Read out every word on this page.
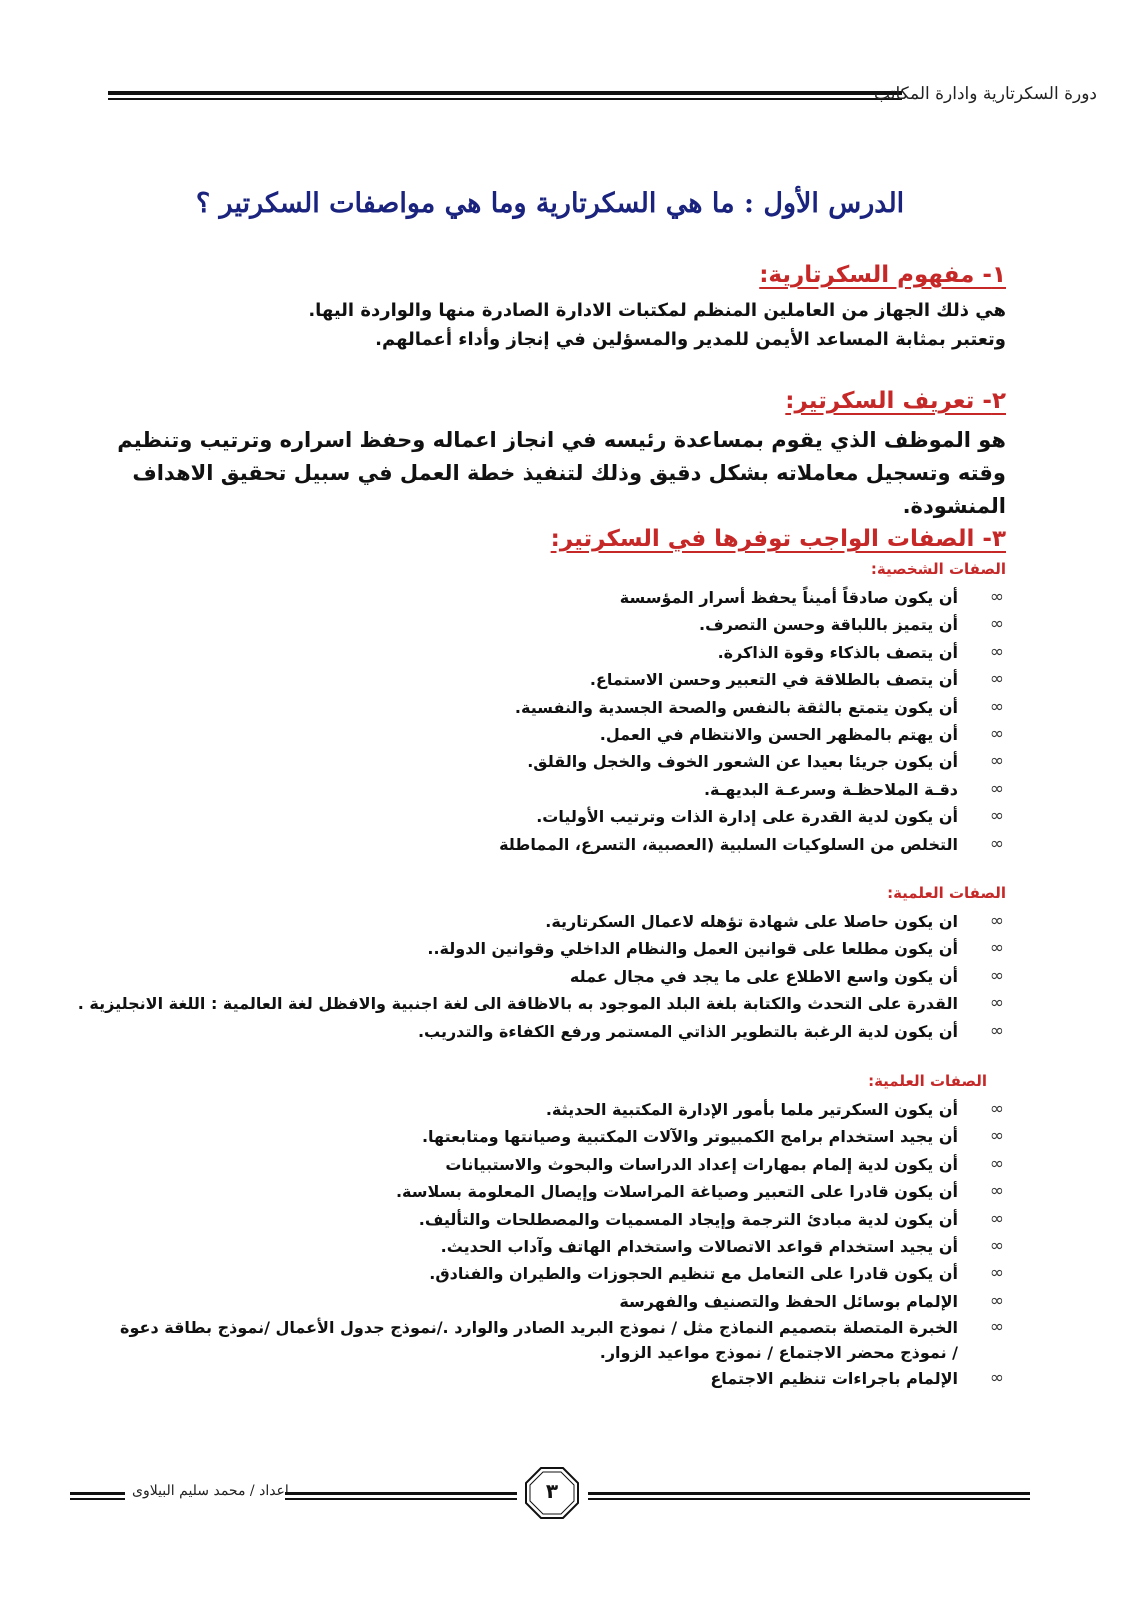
دورة السكرتارية وادارة المكاتب
الدرس الأول : ما هي السكرتارية وما هي مواصفات السكرتير ؟
١- مفهوم السكرتارية:
هي ذلك الجهاز من العاملين المنظم لمكتبات الادارة الصادرة منها والواردة اليها.
وتعتبر بمثابة المساعد الأيمن للمدير والمسؤلين في إنجاز وأداء أعمالهم.
٢- تعريف السكرتير:
هو الموظف الذي يقوم بمساعدة رئيسه في انجاز اعماله وحفظ اسراره وترتيب وتنظيم وقته وتسجيل معاملاته بشكل دقيق وذلك لتنفيذ خطة العمل في سبيل تحقيق الاهداف المنشودة.
٣- الصفات الواجب توفرها في السكرتير:
الصفات الشخصية:
∞
أن يكون صادقاً أميناً يحفظ أسرار المؤسسة
∞
أن يتميز باللباقة وحسن التصرف.
∞
أن يتصف بالذكاء وقوة الذاكرة.
∞
أن يتصف بالطلاقة في التعبير وحسن الاستماع.
∞
أن يكون يتمتع بالثقة بالنفس والصحة الجسدية والنفسية.
∞
أن يهتم بالمظهر الحسن والانتظام في العمل.
∞
أن يكون جريئا بعيدا عن الشعور الخوف والخجل والقلق.
∞
دقـة الملاحظـة وسرعـة البديهـة.
∞
أن يكون لدية القدرة على إدارة الذات وترتيب الأوليات.
∞
التخلص من السلوكيات السلبية (العصبية، التسرع، المماطلة
الصفات العلمية:
∞
ان يكون حاصلا على شهادة تؤهله لاعمال السكرتارية.
∞
أن يكون مطلعا على قوانين العمل والنظام الداخلي وقوانين الدولة..
∞
أن يكون واسع الاطلاع على ما يجد في مجال عمله
∞
القدرة على التحدث والكتابة بلغة البلد الموجود به بالاظافة الى لغة اجنبية والافظل لغة العالمية : اللغة الانجليزية .
∞
أن يكون لدية الرغبة بالتطوير الذاتي المستمر ورفع الكفاءة والتدريب.
الصفات العلمية:
∞
أن يكون السكرتير ملما بأمور الإدارة المكتبية الحديثة.
∞
أن يجيد استخدام برامج الكمبيوتر والآلات المكتبية وصيانتها ومتابعتها.
∞
أن يكون لدية إلمام بمهارات إعداد الدراسات والبحوث والاستبيانات
∞
أن يكون قادرا على التعبير وصياغة المراسلات وإيصال المعلومة بسلاسة.
∞
أن يكون لدية مبادئ الترجمة وإيجاد المسميات والمصطلحات والتأليف.
∞
أن يجيد استخدام قواعد الاتصالات واستخدام الهاتف وآداب الحديث.
∞
أن يكون قادرا على التعامل مع تنظيم الحجوزات والطيران والفنادق.
∞
الإلمام بوسائل الحفظ والتصنيف والفهرسة
∞
الخبرة المتصلة بتصميم النماذج مثل / نموذج البريد الصادر والوارد ./نموذج جدول الأعمال /نموذج بطاقة دعوة / نموذج محضر الاجتماع / نموذج مواعيد الزوار.
∞
الإلمام باجراءات تنظيم الاجتماع
اعداد / محمد سليم البيلاوى	٣
